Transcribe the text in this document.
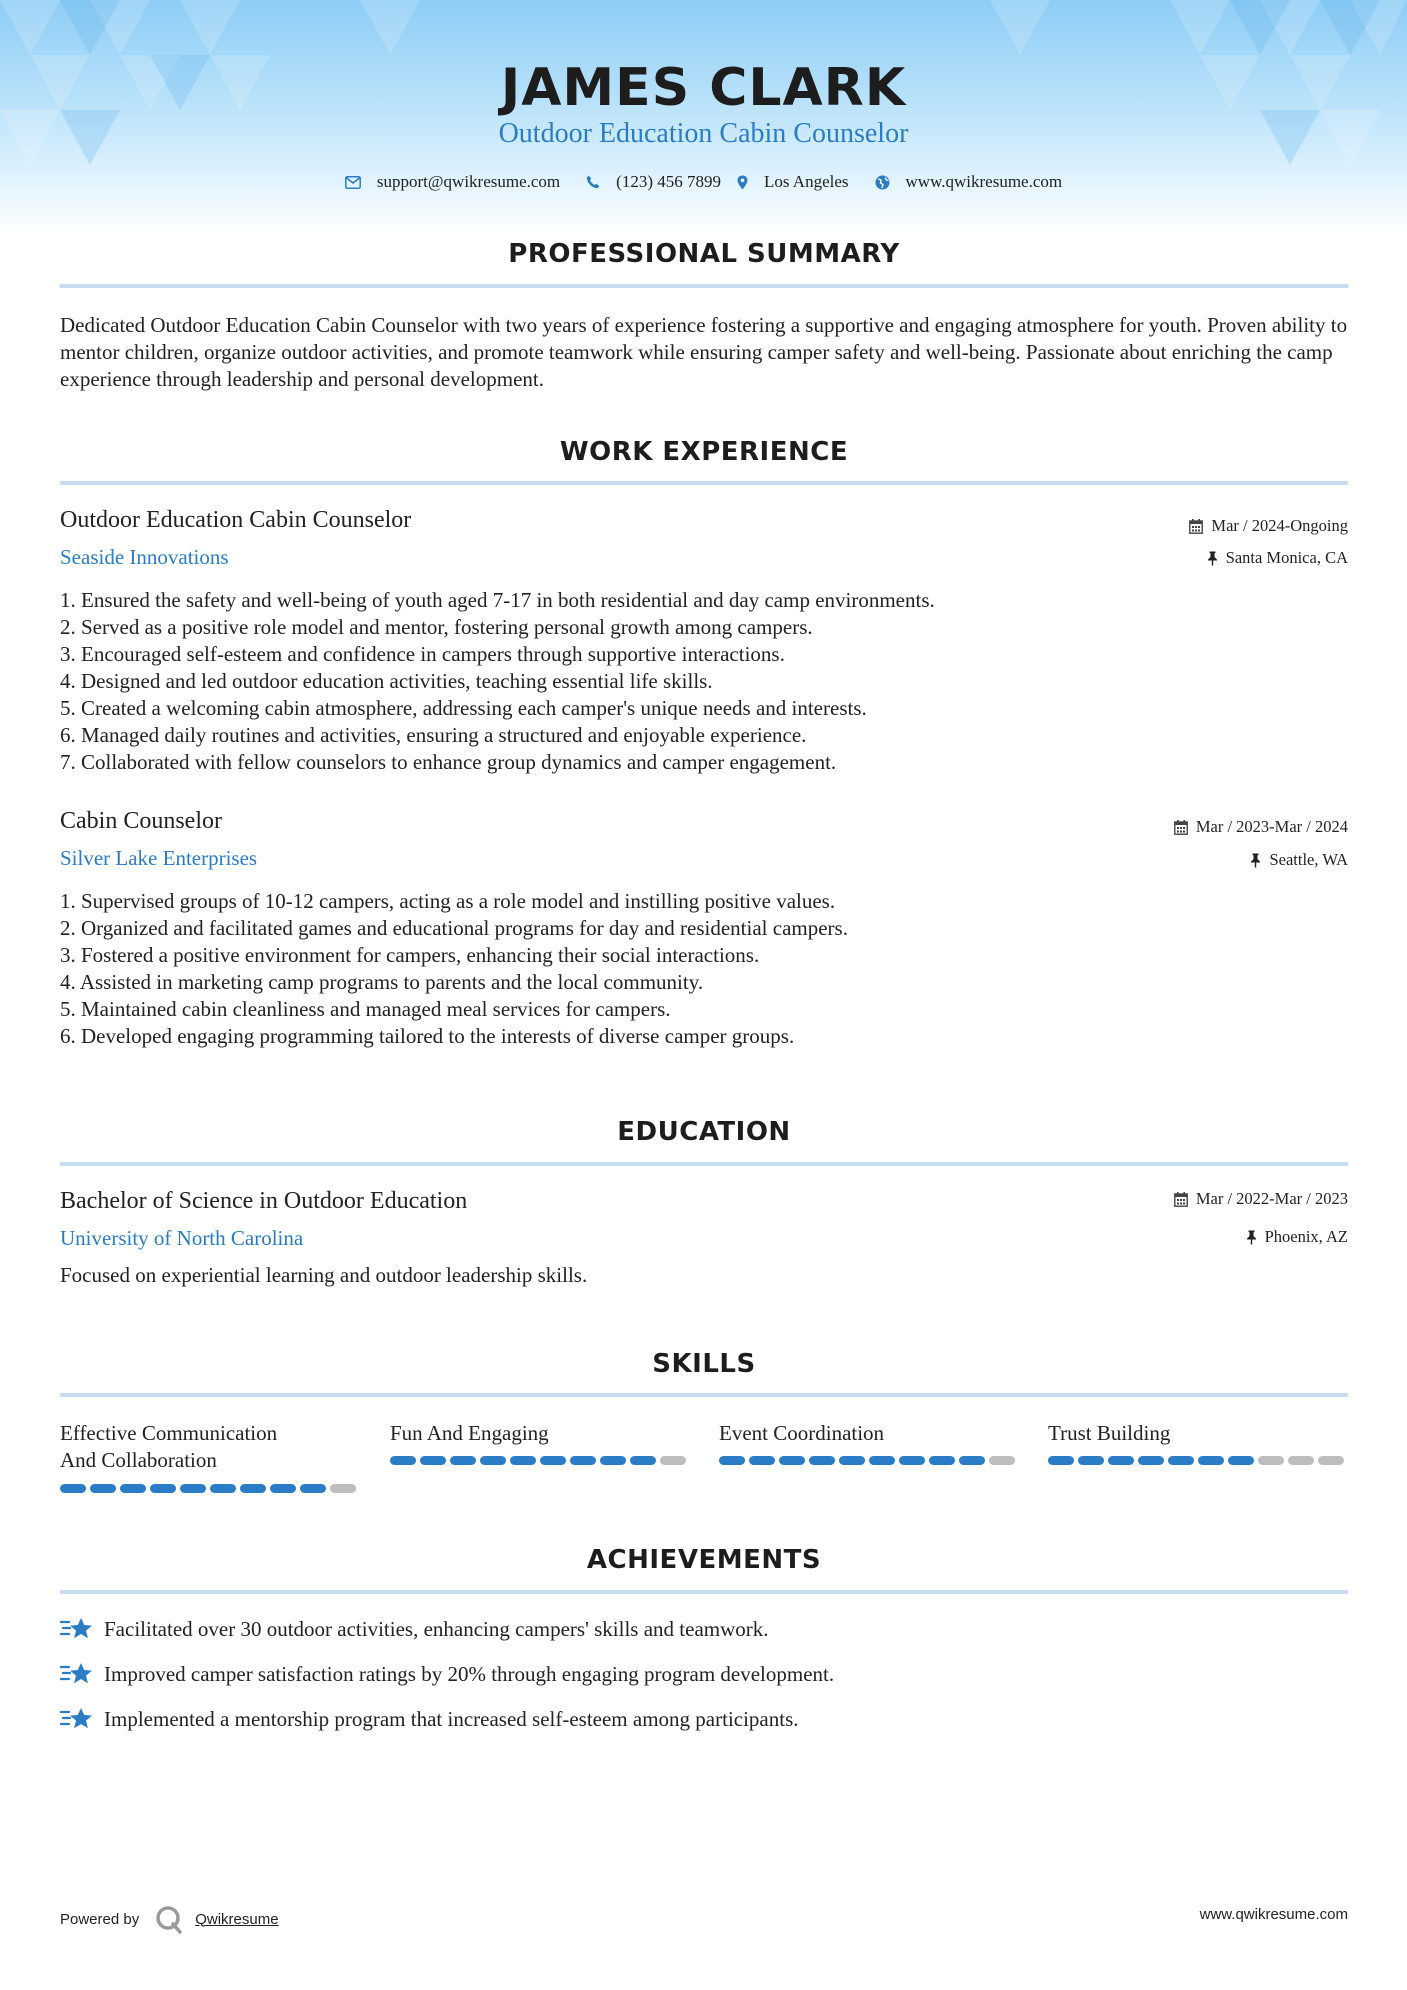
JAMES CLARK
Outdoor Education Cabin Counselor
support@qwikresume.com	(123) 456 7899	Los Angeles	www.qwikresume.com
PROFESSIONAL SUMMARY
Dedicated Outdoor Education Cabin Counselor with two years of experience fostering a supportive and engaging atmosphere for youth. Proven ability to mentor children, organize outdoor activities, and promote teamwork while ensuring camper safety and well-being. Passionate about enriching the camp experience through leadership and personal development.
WORK EXPERIENCE
Outdoor Education Cabin Counselor
Seaside Innovations
Mar / 2024-Ongoing
Santa Monica, CA
1. Ensured the safety and well-being of youth aged 7-17 in both residential and day camp environments.
2. Served as a positive role model and mentor, fostering personal growth among campers.
3. Encouraged self-esteem and confidence in campers through supportive interactions.
4. Designed and led outdoor education activities, teaching essential life skills.
5. Created a welcoming cabin atmosphere, addressing each camper's unique needs and interests.
6. Managed daily routines and activities, ensuring a structured and enjoyable experience.
7. Collaborated with fellow counselors to enhance group dynamics and camper engagement.
Cabin Counselor
Silver Lake Enterprises
Mar / 2023-Mar / 2024
Seattle, WA
1. Supervised groups of 10-12 campers, acting as a role model and instilling positive values.
2. Organized and facilitated games and educational programs for day and residential campers.
3. Fostered a positive environment for campers, enhancing their social interactions.
4. Assisted in marketing camp programs to parents and the local community.
5. Maintained cabin cleanliness and managed meal services for campers.
6. Developed engaging programming tailored to the interests of diverse camper groups.
EDUCATION
Bachelor of Science in Outdoor Education
University of North Carolina
Mar / 2022-Mar / 2023
Phoenix, AZ
Focused on experiential learning and outdoor leadership skills.
SKILLS
Effective Communication
And Collaboration
Fun And Engaging	Event Coordination	Trust Building
ACHIEVEMENTS
Facilitated over 30 outdoor activities, enhancing campers' skills and teamwork.
Improved camper satisfaction ratings by 20% through engaging program development.
Implemented a mentorship program that increased self-esteem among participants.
Powered by	Qwikresume	www.qwikresume.com
